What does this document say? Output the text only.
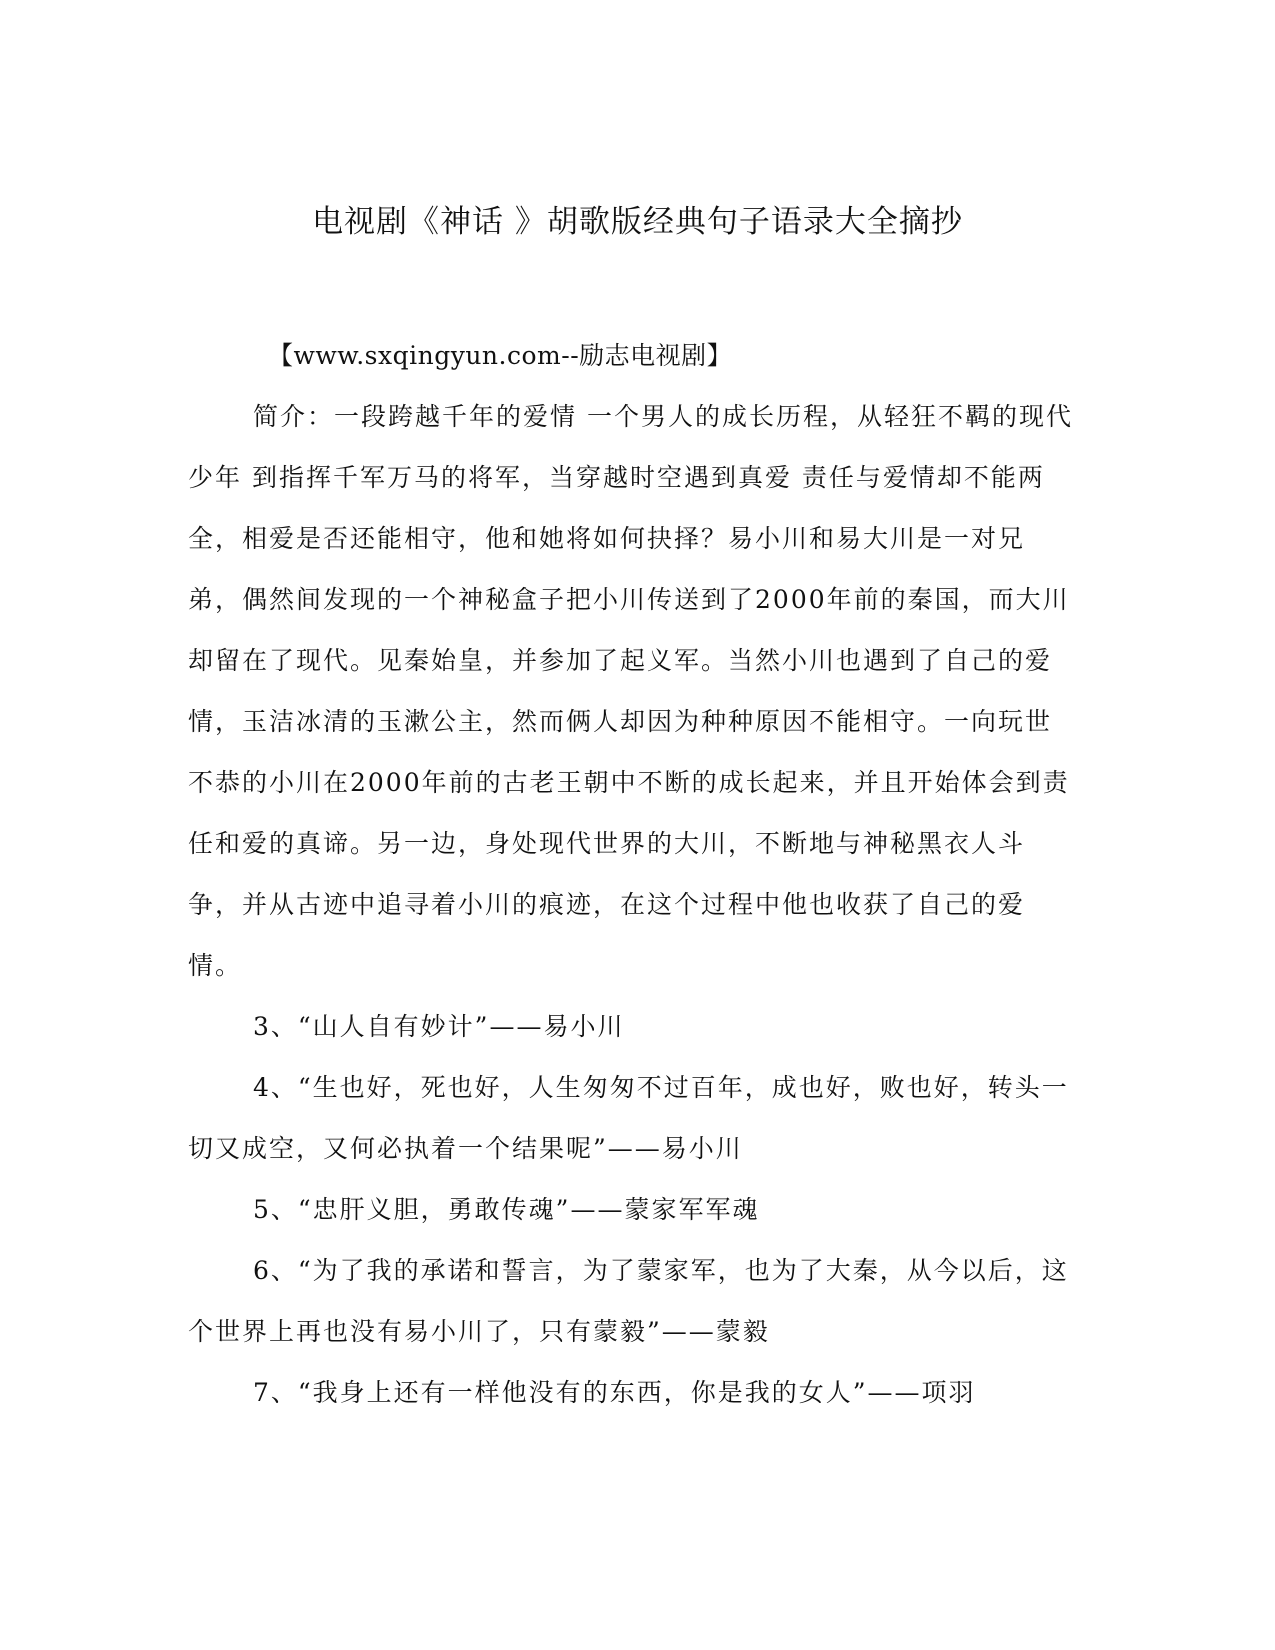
电视剧《神话 》胡歌版经典句子语录大全摘抄

【www.sxqingyun.com--励志电视剧】

简介：一段跨越千年的爱情 一个男人的成长历程，从轻狂不羁的现代少年 到指挥千军万马的将军，当穿越时空遇到真爱 责任与爱情却不能两全，相爱是否还能相守，他和她将如何抉择？易小川和易大川是一对兄弟，偶然间发现的一个神秘盒子把小川传送到了2000年前的秦国，而大川却留在了现代。见秦始皇，并参加了起义军。当然小川也遇到了自己的爱情，玉洁冰清的玉漱公主，然而俩人却因为种种原因不能相守。一向玩世不恭的小川在2000年前的古老王朝中不断的成长起来，并且开始体会到责任和爱的真谛。另一边，身处现代世界的大川，不断地与神秘黑衣人斗争，并从古迹中追寻着小川的痕迹，在这个过程中他也收获了自己的爱情。

3、“山人自有妙计”——易小川

4、“生也好，死也好，人生匆匆不过百年，成也好，败也好，转头一切又成空，又何必执着一个结果呢”——易小川

5、“忠肝义胆，勇敢传魂”——蒙家军军魂

6、“为了我的承诺和誓言，为了蒙家军，也为了大秦，从今以后，这个世界上再也没有易小川了，只有蒙毅”——蒙毅

7、“我身上还有一样他没有的东西，你是我的女人”——项羽
